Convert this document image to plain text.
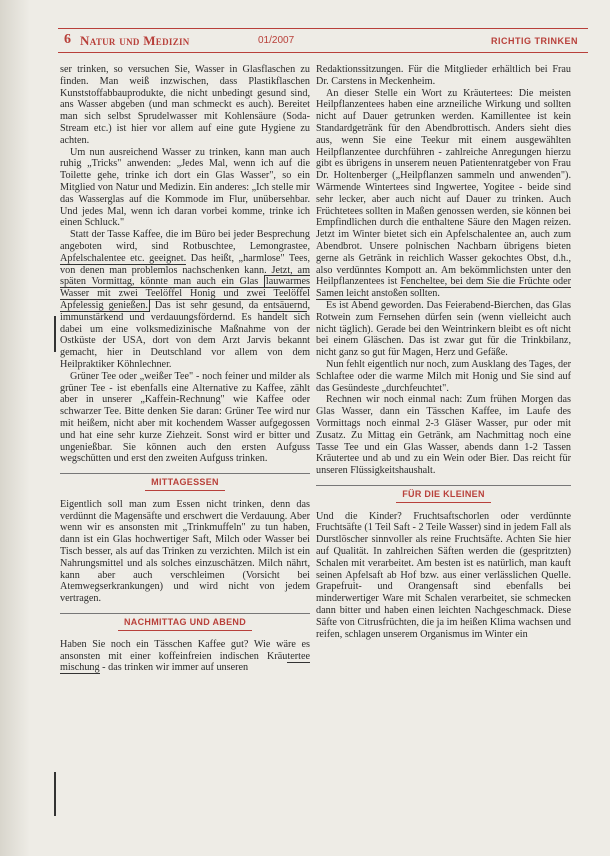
6 Natur und Medizin	01/2007	RICHTIG TRINKEN

ser trinken, so versuchen Sie, Wasser in Glasflaschen zu finden. Man weiß inzwischen, dass Plastikflaschen Kunststoffabbauprodukte, die nicht unbedingt gesund sind, ans Wasser abgeben (und man schmeckt es auch). Bereitet man sich selbst Sprudelwasser mit Kohlensäure (Soda-Stream etc.) ist hier vor allem auf eine gute Hygiene zu achten.

Um nun ausreichend Wasser zu trinken, kann man auch ruhig „Tricks" anwenden: „Jedes Mal, wenn ich auf die Toilette gehe, trinke ich dort ein Glas Wasser", so ein Mitglied von Natur und Medizin. Ein anderes: „Ich stelle mir das Wasserglas auf die Kommode im Flur, unübersehbar. Und jedes Mal, wenn ich daran vorbei komme, trinke ich einen Schluck."

Statt der Tasse Kaffee, die im Büro bei jeder Besprechung angeboten wird, sind Rotbuschtee, Lemongrastee, Apfelschalentee etc. geeignet. Das heißt, „harmlose" Tees, von denen man problemlos nachschenken kann. Jetzt, am späten Vormittag, könnte man auch ein Glas lauwarmes Wasser mit zwei Teelöffel Honig und zwei Teelöffel Apfelessig genießen. Das ist sehr gesund, da entsäuernd, immunstärkend und verdauungsfördernd. Es handelt sich dabei um eine volksmedizinische Maßnahme von der Ostküste der USA, dort von dem Arzt Jarvis bekannt gemacht, hier in Deutschland vor allem von dem Heilpraktiker Köhnlechner.

Grüner Tee oder „weißer Tee" - noch feiner und milder als grüner Tee - ist ebenfalls eine Alternative zu Kaffee, zählt aber in unserer „Kaffein-Rechnung" wie Kaffee oder schwarzer Tee. Bitte denken Sie daran: Grüner Tee wird nur mit heißem, nicht aber mit kochendem Wasser aufgegossen und hat eine sehr kurze Ziehzeit. Sonst wird er bitter und ungenießbar. Sie können auch den ersten Aufguss wegschütten und erst den zweiten Aufguss trinken.

MITTAGESSEN

Eigentlich soll man zum Essen nicht trinken, denn das verdünnt die Magensäfte und erschwert die Verdauung. Aber wenn wir es ansonsten mit „Trinkmuffeln" zu tun haben, dann ist ein Glas hochwertiger Saft, Milch oder Wasser bei Tisch besser, als auf das Trinken zu verzichten. Milch ist ein Nahrungsmittel und als solches einzuschätzen. Milch nährt, kann aber auch verschleimen (Vorsicht bei Atemwegserkrankungen) und wird nicht von jedem vertragen.

NACHMITTAG UND ABEND

Haben Sie noch ein Tässchen Kaffee gut? Wie wäre es ansonsten mit einer koffeinfreien indischen Kräutertee mischung - das trinken wir immer auf unseren

Redaktionssitzungen. Für die Mitglieder erhältlich bei Frau Dr. Carstens in Meckenheim.

An dieser Stelle ein Wort zu Kräutertees: Die meisten Heilpflanzentees haben eine arzneiliche Wirkung und sollten nicht auf Dauer getrunken werden. Kamillentee ist kein Standardgetränk für den Abendbrottisch. Anders sieht dies aus, wenn Sie eine Teekur mit einem ausgewählten Heilpflanzentee durchführen - zahlreiche Anregungen hierzu gibt es übrigens in unserem neuen Patientenratgeber von Frau Dr. Holtenberger („Heilpflanzen sammeln und anwenden"). Wärmende Wintertees sind Ingwertee, Yogitee - beide sind sehr lecker, aber auch nicht auf Dauer zu trinken. Auch Früchtetees sollten in Maßen genossen werden, sie können bei Empfindlichen durch die enthaltene Säure den Magen reizen. Jetzt im Winter bietet sich ein Apfelschalentee an, auch zum Abendbrot. Unsere polnischen Nachbarn übrigens bieten gerne als Getränk in reichlich Wasser gekochtes Obst, d.h., also verdünntes Kompott an. Am bekömmlichsten unter den Heilpflanzentees ist Fencheltee, bei dem Sie die Früchte oder Samen leicht anstoßen sollten.

Es ist Abend geworden. Das Feierabend-Bierchen, das Glas Rotwein zum Fernsehen dürfen sein (wenn vielleicht auch nicht täglich). Gerade bei den Weintrinkern bleibt es oft nicht bei einem Gläschen. Das ist zwar gut für die Trinkbilanz, nicht ganz so gut für Magen, Herz und Gefäße.

Nun fehlt eigentlich nur noch, zum Ausklang des Tages, der Schlaftee oder die warme Milch mit Honig und Sie sind auf das Gesündeste „durchfeuchtet".

Rechnen wir noch einmal nach: Zum frühen Morgen das Glas Wasser, dann ein Tässchen Kaffee, im Laufe des Vormittags noch einmal 2-3 Gläser Wasser, pur oder mit Zusatz. Zu Mittag ein Getränk, am Nachmittag noch eine Tasse Tee und ein Glas Wasser, abends dann 1-2 Tassen Kräutertee und ab und zu ein Wein oder Bier. Das reicht für unseren Flüssigkeitshaushalt.

FÜR DIE KLEINEN

Und die Kinder? Fruchtsaftschorlen oder verdünnte Fruchtsäfte (1 Teil Saft - 2 Teile Wasser) sind in jedem Fall als Durstlöscher sinnvoller als reine Fruchtsäfte. Achten Sie hier auf Qualität. In zahlreichen Säften werden die (gespritzten) Schalen mit verarbeitet. Am besten ist es natürlich, man kauft seinen Apfelsaft ab Hof bzw. aus einer verlässlichen Quelle. Grapefruit- und Orangensaft sind ebenfalls bei minderwertiger Ware mit Schalen verarbeitet, sie schmecken dann bitter und haben einen leichten Nachgeschmack. Diese Säfte von Citrusfrüchten, die ja im heißen Klima wachsen und reifen, schlagen unserem Organismus im Winter ein
